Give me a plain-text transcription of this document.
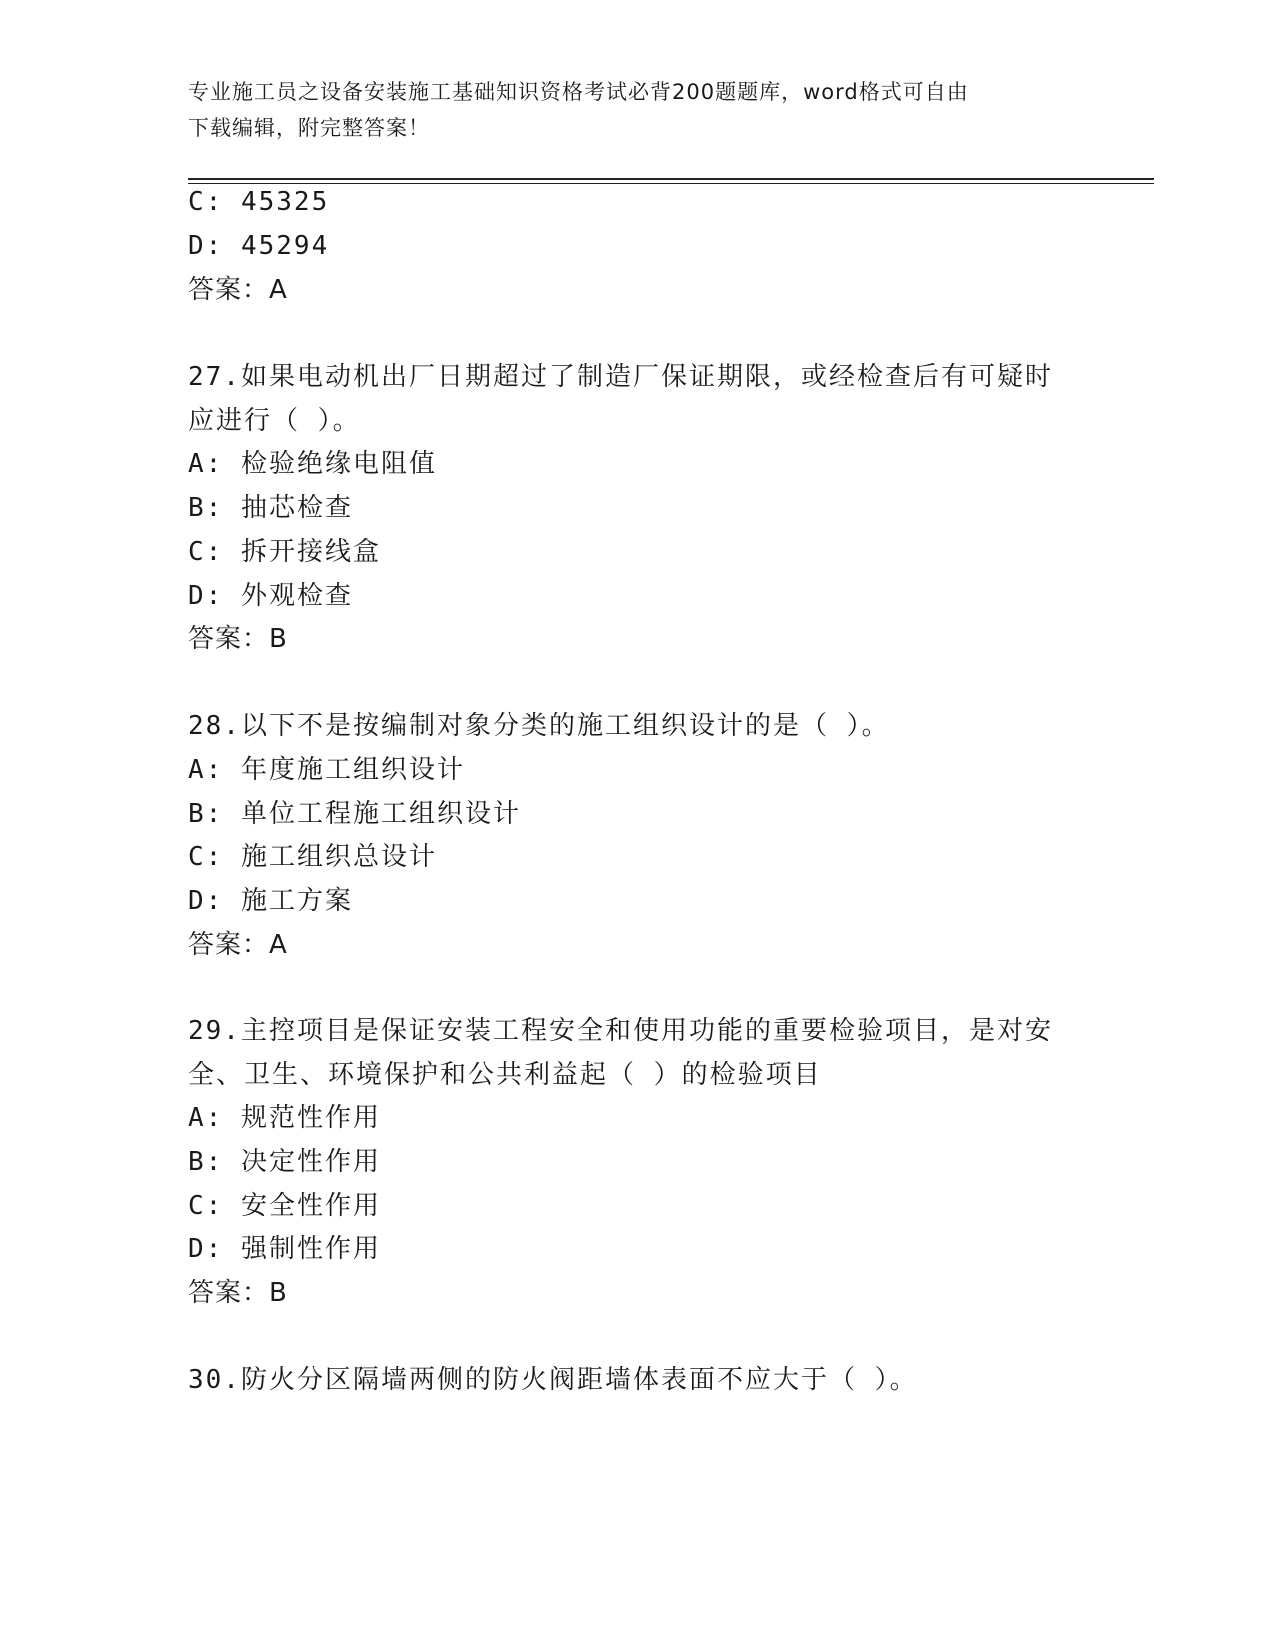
专业施工员之设备安装施工基础知识资格考试必背200题题库，word格式可自由
下载编辑，附完整答案！
C: 45325
D: 45294
答案：A
27.如果电动机出厂日期超过了制造厂保证期限，或经检查后有可疑时
应进行（ ）。
A: 检验绝缘电阻值
B: 抽芯检查
C: 拆开接线盒
D: 外观检查
答案：B
28.以下不是按编制对象分类的施工组织设计的是（ ）。
A: 年度施工组织设计
B: 单位工程施工组织设计
C: 施工组织总设计
D: 施工方案
答案：A
29.主控项目是保证安装工程安全和使用功能的重要检验项目，是对安
全、卫生、环境保护和公共利益起（ ）的检验项目
A: 规范性作用
B: 决定性作用
C: 安全性作用
D: 强制性作用
答案：B
30.防火分区隔墙两侧的防火阀距墙体表面不应大于（ ）。
